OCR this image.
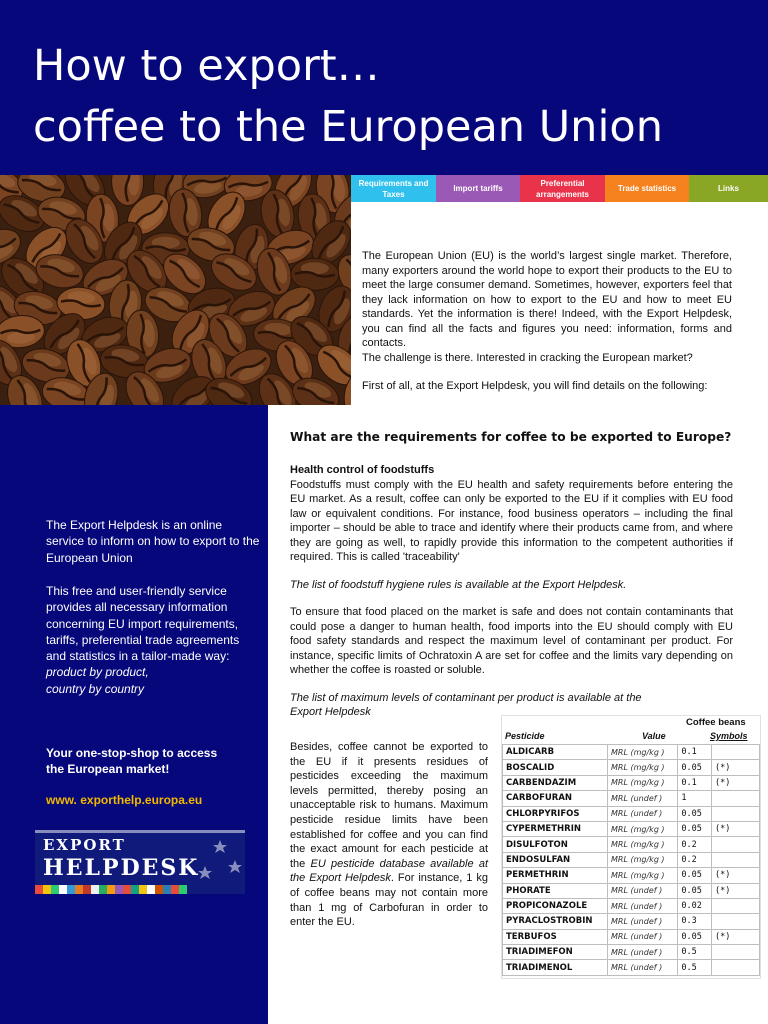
How to export…
coffee to the European Union
Requirements and Taxes
Import tariffs
Preferential arrangements
Trade statistics	Links

The European Union (EU) is the world’s largest single market. Therefore, many exporters around the world hope to export their products to the EU to meet the large consumer demand. Sometimes, however, exporters feel that they lack information on how to export to the EU and how to meet EU standards. Yet the information is there! Indeed, with the Export Helpdesk, you can find all the facts and figures you need: information, forms and contacts.

The challenge is there. Interested in cracking the European market?

First of all, at the Export Helpdesk, you will find details on the following:

The Export Helpdesk is an online service to inform on how to export to the European Union

This free and user-friendly service provides all necessary information concerning EU import requirements, tariffs, preferential trade agreements and statistics in a tailor-made way:

product by product,

country by country

Your one-stop-shop to access

the European market!

www. exporthelp.europa.eu

EXPORT
HELPDESK
What are the requirements for coffee to be exported to Europe?

Health control of foodstuffs

Foodstuffs must comply with the EU health and safety requirements before entering the EU market. As a result, coffee can only be exported to the EU if it complies with EU food law or equivalent conditions. For instance, food business operators – including the final importer – should be able to trace and identify where their products came from, and where they are going as well, to rapidly provide this information to the competent authorities if required. This is called 'traceability'

The list of foodstuff hygiene rules is available at the Export Helpdesk.

To ensure that food placed on the market is safe and does not contain contaminants that could pose a danger to human health, food imports into the EU should comply with EU food safety standards and respect the maximum level of contaminant per product. For instance, specific limits of Ochratoxin A are set for coffee and the limits vary depending on whether the coffee is roasted or soluble.

The list of maximum levels of contaminant per product is available at the

Export Helpdesk

Besides, coffee cannot be exported to the EU if it presents residues of pesticides exceeding the maximum levels permitted, thereby posing an unacceptable risk to humans. Maximum pesticide residue limits have been established for coffee and you can find the exact amount for each pesticide at the EU pesticide database available at the Export Helpdesk. For instance, 1 kg of coffee beans may not contain more than 1 mg of Carbofuran in order to enter the EU.

Coffee beans
Pesticide	Value	Symbols
ALDICARB	MRL (mg/kg )	0.1	
BOSCALID	MRL (mg/kg )	0.05	(*)
CARBENDAZIM	MRL (mg/kg )	0.1	(*)
CARBOFURAN	MRL (undef )	1	
CHLORPYRIFOS	MRL (undef )	0.05	
CYPERMETHRIN	MRL (mg/kg )	0.05	(*)
DISULFOTON	MRL (mg/kg )	0.2	
ENDOSULFAN	MRL (mg/kg )	0.2	
PERMETHRIN	MRL (mg/kg )	0.05	(*)
PHORATE	MRL (undef )	0.05	(*)
PROPICONAZOLE	MRL (undef )	0.02	
PYRACLOSTROBIN	MRL (undef )	0.3	
TERBUFOS	MRL (undef )	0.05	(*)
TRIADIMEFON	MRL (undef )	0.5	
TRIADIMENOL	MRL (undef )	0.5	
